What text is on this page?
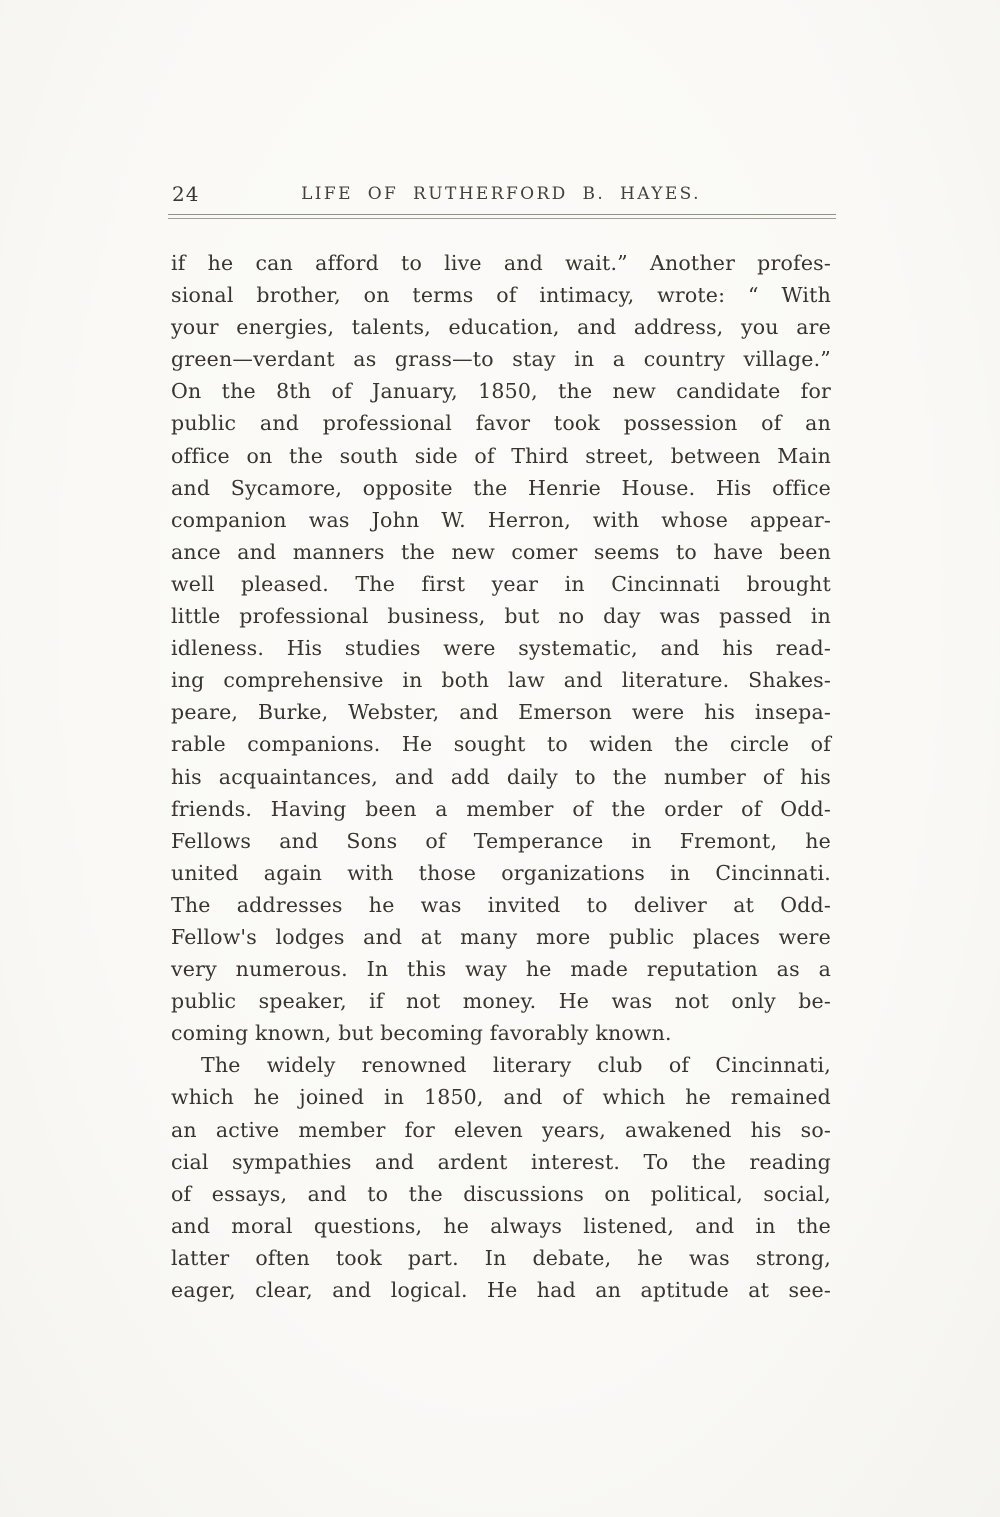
24	LIFE OF RUTHERFORD B. HAYES.
if he can afford to live and wait.” Another profes-
sional brother, on terms of intimacy, wrote: “ With
your energies, talents, education, and address, you are
green—verdant as grass—to stay in a country village.”
On the 8th of January, 1850, the new candidate for
public and professional favor took possession of an
office on the south side of Third street, between Main
and Sycamore, opposite the Henrie House. His office
companion was John W. Herron, with whose appear-
ance and manners the new comer seems to have been
well pleased. The first year in Cincinnati brought
little professional business, but no day was passed in
idleness. His studies were systematic, and his read-
ing comprehensive in both law and literature. Shakes-
peare, Burke, Webster, and Emerson were his insepa-
rable companions. He sought to widen the circle of
his acquaintances, and add daily to the number of his
friends. Having been a member of the order of Odd-
Fellows and Sons of Temperance in Fremont, he
united again with those organizations in Cincinnati.
The addresses he was invited to deliver at Odd-
Fellow's lodges and at many more public places were
very numerous. In this way he made reputation as a
public speaker, if not money. He was not only be-
coming known, but becoming favorably known.
The widely renowned literary club of Cincinnati,
which he joined in 1850, and of which he remained
an active member for eleven years, awakened his so-
cial sympathies and ardent interest. To the reading
of essays, and to the discussions on political, social,
and moral questions, he always listened, and in the
latter often took part. In debate, he was strong,
eager, clear, and logical. He had an aptitude at see-
